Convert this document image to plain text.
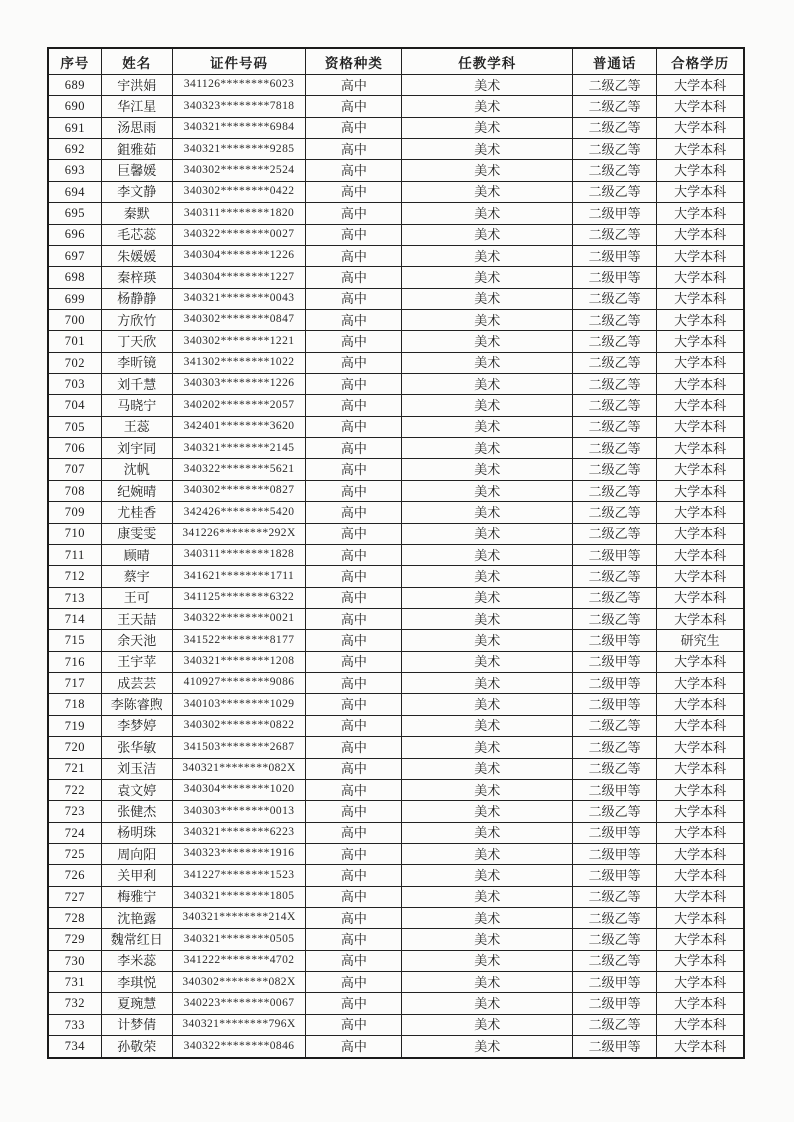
序号	姓名	证件号码	资格种类	任教学科	普通话	合格学历
689	宇洪娟	341126********6023	高中	美术	二级乙等	大学本科
690	华江星	340323********7818	高中	美术	二级乙等	大学本科
691	汤思雨	340321********6984	高中	美术	二级乙等	大学本科
692	鉏雅茹	340321********9285	高中	美术	二级乙等	大学本科
693	巨馨媛	340302********2524	高中	美术	二级乙等	大学本科
694	李文静	340302********0422	高中	美术	二级乙等	大学本科
695	秦默	340311********1820	高中	美术	二级甲等	大学本科
696	毛芯蕊	340322********0027	高中	美术	二级乙等	大学本科
697	朱媛媛	340304********1226	高中	美术	二级甲等	大学本科
698	秦梓瑛	340304********1227	高中	美术	二级甲等	大学本科
699	杨静静	340321********0043	高中	美术	二级乙等	大学本科
700	方欣竹	340302********0847	高中	美术	二级乙等	大学本科
701	丁天欣	340302********1221	高中	美术	二级乙等	大学本科
702	李昕镜	341302********1022	高中	美术	二级乙等	大学本科
703	刘千慧	340303********1226	高中	美术	二级乙等	大学本科
704	马晓宁	340202********2057	高中	美术	二级乙等	大学本科
705	王蕊	342401********3620	高中	美术	二级乙等	大学本科
706	刘宇同	340321********2145	高中	美术	二级乙等	大学本科
707	沈帆	340322********5621	高中	美术	二级乙等	大学本科
708	纪婉晴	340302********0827	高中	美术	二级乙等	大学本科
709	尤桂香	342426********5420	高中	美术	二级乙等	大学本科
710	康雯雯	341226********292X	高中	美术	二级乙等	大学本科
711	顾晴	340311********1828	高中	美术	二级甲等	大学本科
712	蔡宇	341621********1711	高中	美术	二级乙等	大学本科
713	王可	341125********6322	高中	美术	二级乙等	大学本科
714	王天喆	340322********0021	高中	美术	二级乙等	大学本科
715	余天池	341522********8177	高中	美术	二级甲等	研究生
716	王宇苹	340321********1208	高中	美术	二级甲等	大学本科
717	成芸芸	410927********9086	高中	美术	二级甲等	大学本科
718	李陈睿煦	340103********1029	高中	美术	二级甲等	大学本科
719	李梦婷	340302********0822	高中	美术	二级乙等	大学本科
720	张华敏	341503********2687	高中	美术	二级乙等	大学本科
721	刘玉洁	340321********082X	高中	美术	二级乙等	大学本科
722	袁文婷	340304********1020	高中	美术	二级甲等	大学本科
723	张健杰	340303********0013	高中	美术	二级乙等	大学本科
724	杨明珠	340321********6223	高中	美术	二级甲等	大学本科
725	周向阳	340323********1916	高中	美术	二级甲等	大学本科
726	关甲利	341227********1523	高中	美术	二级甲等	大学本科
727	梅雅宁	340321********1805	高中	美术	二级乙等	大学本科
728	沈艳露	340321********214X	高中	美术	二级乙等	大学本科
729	魏常红日	340321********0505	高中	美术	二级乙等	大学本科
730	李米蕊	341222********4702	高中	美术	二级乙等	大学本科
731	李琪悦	340302********082X	高中	美术	二级甲等	大学本科
732	夏琬慧	340223********0067	高中	美术	二级甲等	大学本科
733	计梦倩	340321********796X	高中	美术	二级乙等	大学本科
734	孙敬荣	340322********0846	高中	美术	二级甲等	大学本科
